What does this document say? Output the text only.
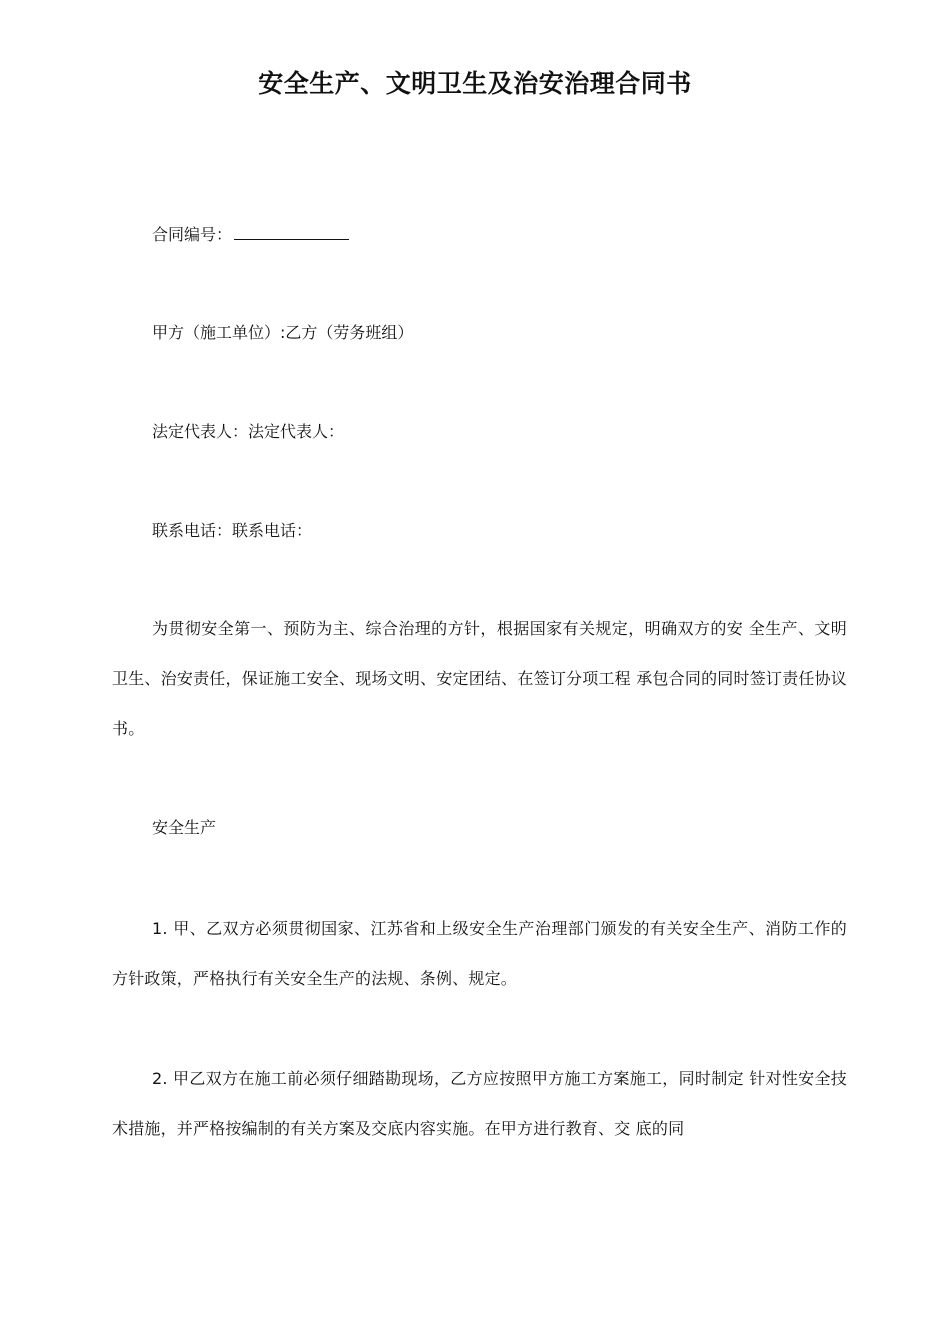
安全生产、文明卫生及治安治理合同书
合同编号：
甲方（施工单位）:乙方（劳务班组）
法定代表人：法定代表人：
联系电话：联系电话：
为贯彻安全第一、预防为主、综合治理的方针，根据国家有关规定，明确双方的安 全生产、文明卫生、治安责任，保证施工安全、现场文明、安定团结、在签订分项工程 承包合同的同时签订责任协议书。
安全生产
1. 甲、乙双方必须贯彻国家、江苏省和上级安全生产治理部门颁发的有关安全生产、消防工作的方针政策，严格执行有关安全生产的法规、条例、规定。
2. 甲乙双方在施工前必须仔细踏勘现场，乙方应按照甲方施工方案施工，同时制定 针对性安全技术措施，并严格按编制的有关方案及交底内容实施。在甲方进行教育、交 底的同
